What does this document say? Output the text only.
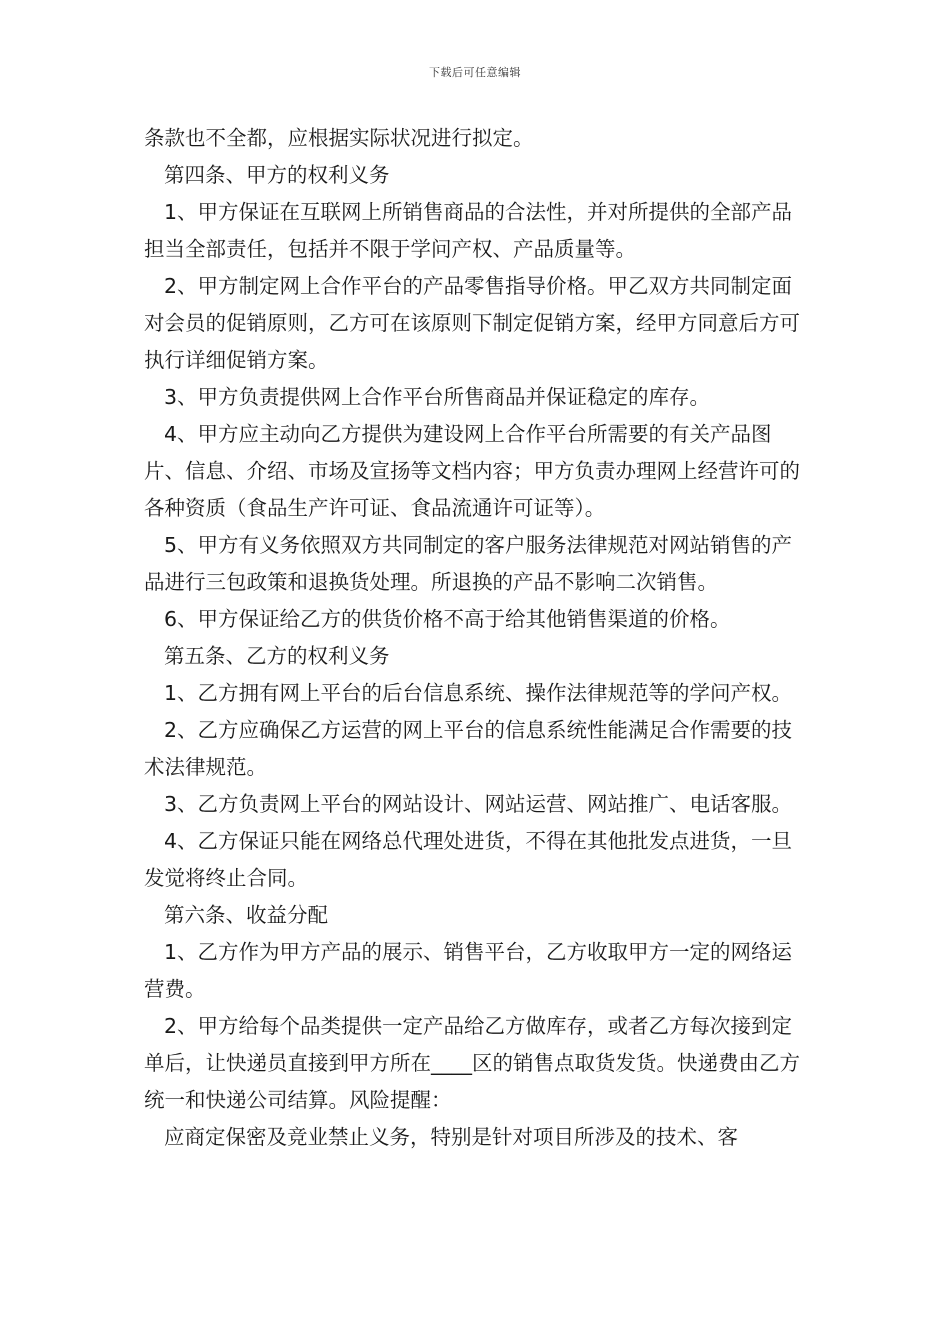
下载后可任意编辑

条款也不全都，应根据实际状况进行拟定。

第四条、甲方的权利义务

1、甲方保证在互联网上所销售商品的合法性，并对所提供的全部产品担当全部责任，包括并不限于学问产权、产品质量等。

2、甲方制定网上合作平台的产品零售指导价格。甲乙双方共同制定面对会员的促销原则，乙方可在该原则下制定促销方案，经甲方同意后方可执行详细促销方案。

3、甲方负责提供网上合作平台所售商品并保证稳定的库存。

4、甲方应主动向乙方提供为建设网上合作平台所需要的有关产品图片、信息、介绍、市场及宣扬等文档内容；甲方负责办理网上经营许可的各种资质（食品生产许可证、食品流通许可证等）。

5、甲方有义务依照双方共同制定的客户服务法律规范对网站销售的产品进行三包政策和退换货处理。所退换的产品不影响二次销售。

6、甲方保证给乙方的供货价格不高于给其他销售渠道的价格。

第五条、乙方的权利义务

1、乙方拥有网上平台的后台信息系统、操作法律规范等的学问产权。

2、乙方应确保乙方运营的网上平台的信息系统性能满足合作需要的技术法律规范。

3、乙方负责网上平台的网站设计、网站运营、网站推广、电话客服。

4、乙方保证只能在网络总代理处进货，不得在其他批发点进货，一旦发觉将终止合同。

第六条、收益分配

1、乙方作为甲方产品的展示、销售平台，乙方收取甲方一定的网络运营费。

2、甲方给每个品类提供一定产品给乙方做库存，或者乙方每次接到定单后，让快递员直接到甲方所在____区的销售点取货发货。快递费由乙方统一和快递公司结算。风险提醒：

应商定保密及竞业禁止义务，特别是针对项目所涉及的技术、客
